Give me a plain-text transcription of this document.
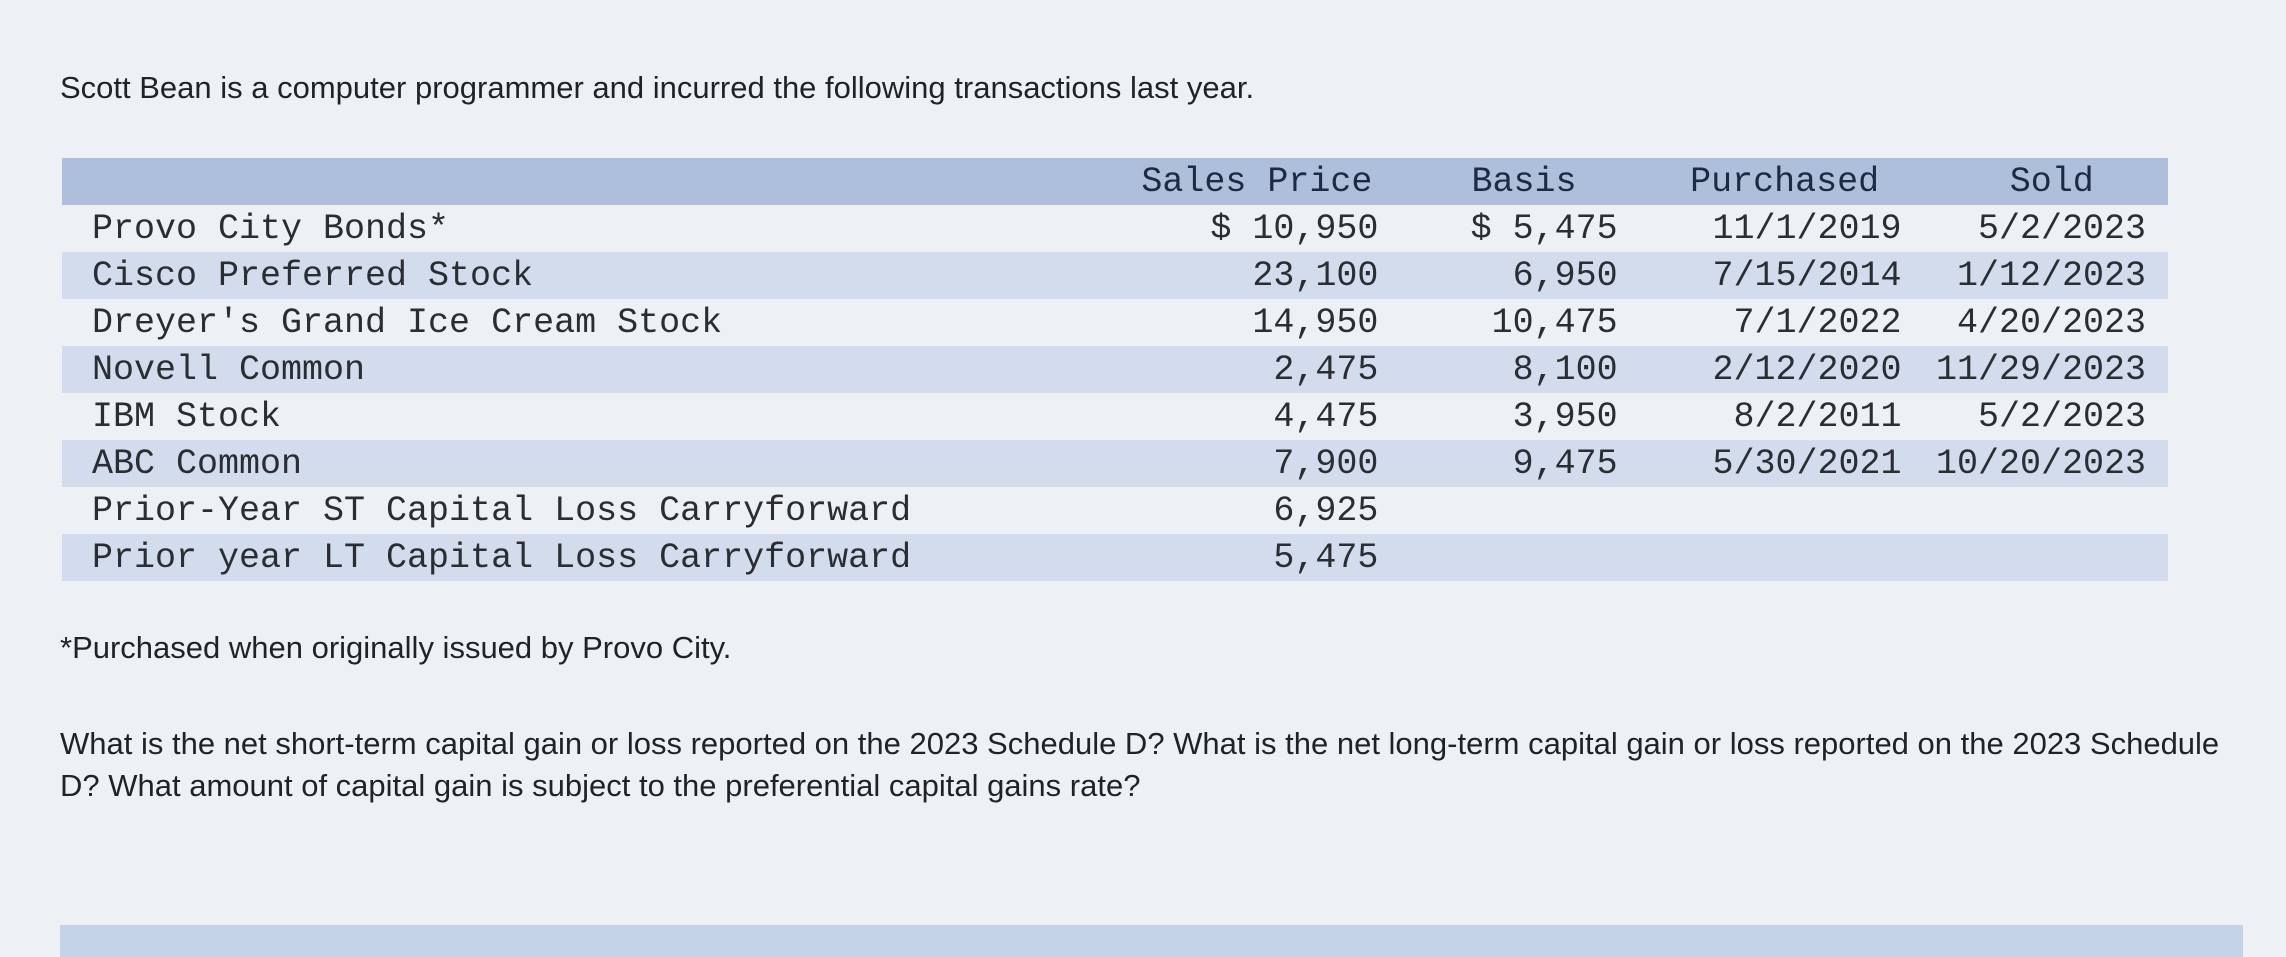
Scott Bean is a computer programmer and incurred the following transactions last year.
	Sales Price	Basis	Purchased	Sold
Provo City Bonds*	$ 10,950	$ 5,475	11/1/2019	5/2/2023
Cisco Preferred Stock	23,100	6,950	7/15/2014	1/12/2023
Dreyer's Grand Ice Cream Stock	14,950	10,475	7/1/2022	4/20/2023
Novell Common	2,475	8,100	2/12/2020	11/29/2023
IBM Stock	4,475	3,950	8/2/2011	5/2/2023
ABC Common	7,900	9,475	5/30/2021	10/20/2023
Prior-Year ST Capital Loss Carryforward	6,925			
Prior year LT Capital Loss Carryforward	5,475			
*Purchased when originally issued by Provo City.
What is the net short-term capital gain or loss reported on the 2023 Schedule D? What is the net long-term capital gain or loss reported on the 2023 Schedule D? What amount of capital gain is subject to the preferential capital gains rate?
